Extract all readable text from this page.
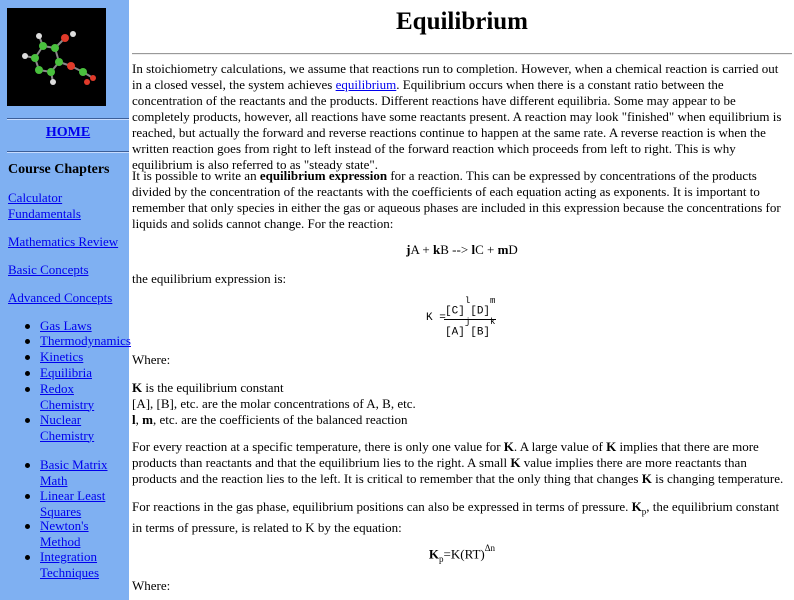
HOME
Course Chapters
Calculator
Fundamentals
Mathematics Review
Basic Concepts
Advanced Concepts
Gas Laws
Thermodynamics
Kinetics
Equilibria
Redox
Chemistry
Nuclear
Chemistry
Basic Matrix
Math
Linear Least
Squares
Newton's
Method
Integration
Techniques
Equilibrium
In stoichiometry calculations, we assume that reactions run to completion. However, when a chemical reaction is carried out in a closed vessel, the system achieves equilibrium. Equilibrium occurs when there is a constant ratio between the concentration of the reactants and the products. Different reactions have different equilibria. Some may appear to be completely products, however, all reactions have some reactants present. A reaction may look "finished" when equilibrium is reached, but actually the forward and reverse reactions continue to happen at the same rate. A reverse reaction is when the written reaction goes from right to left instead of the forward reaction which proceeds from left to right. This is why equilibrium is also referred to as "steady state".
It is possible to write an equilibrium expression for a reaction. This can be expressed by concentrations of the products divided by the concentration of the reactants with the coefficients of each equation acting as exponents. It is important to remember that only species in either the gas or aqueous phases are included in this expression because the concentrations for liquids and solids cannot change. For the reaction:
jA + kB --> lC + mD
the equilibrium expression is:
K =
$[C]^l[D]^m$
$[A]^j[B]^k$
Where:
K is the equilibrium constant
[A], [B], etc. are the molar concentrations of A, B, etc.
l, m, etc. are the coefficients of the balanced reaction
For every reaction at a specific temperature, there is only one value for K. A large value of K implies that there are more products than reactants and that the equilibrium lies to the right. A small K value implies there are more reactants than products and the reaction lies to the left. It is critical to remember that the only thing that changes K is changing temperature.
For reactions in the gas phase, equilibrium positions can also be expressed in terms of pressure. $K_p$, the equilibrium constant in terms of pressure, is related to K by the equation:
$K_p=K(RT)^{\Delta n}$
Where:
